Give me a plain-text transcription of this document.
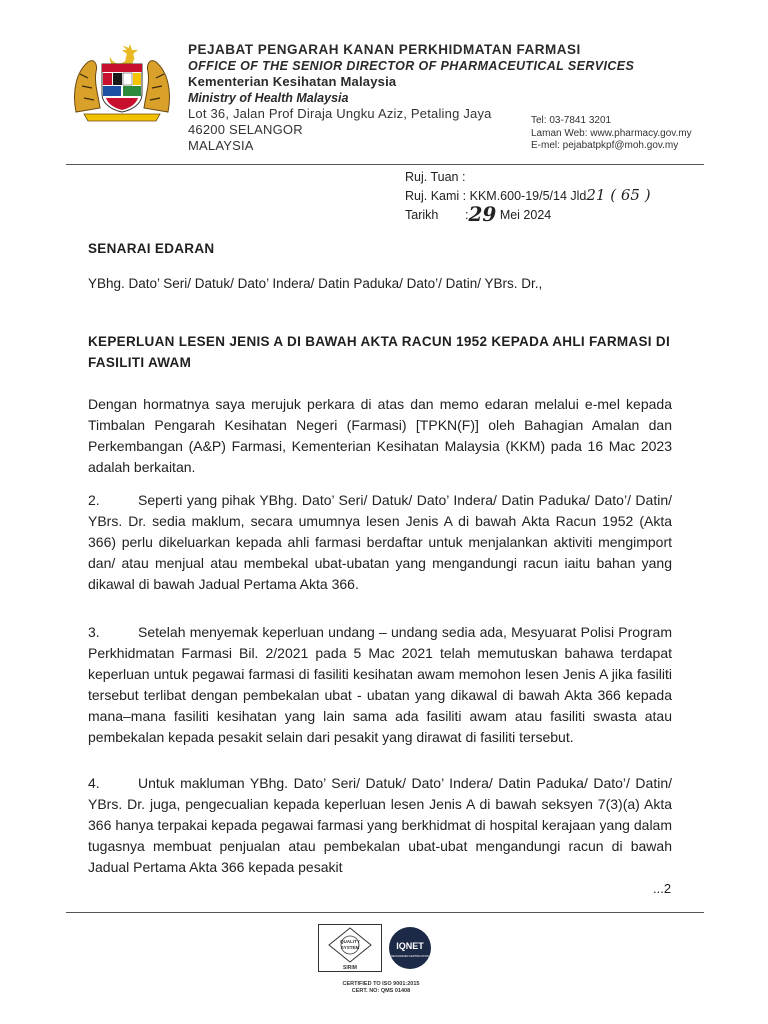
PEJABAT PENGARAH KANAN PERKHIDMATAN FARMASI
OFFICE OF THE SENIOR DIRECTOR OF PHARMACEUTICAL SERVICES
Kementerian Kesihatan Malaysia
Ministry of Health Malaysia
Lot 36, Jalan Prof Diraja Ungku Aziz, Petaling Jaya
46200 SELANGOR
MALAYSIA
Tel: 03-7841 3201
Laman Web: www.pharmacy.gov.my
E-mel: pejabatpkpf@moh.gov.my
Ruj. Tuan :
Ruj. Kami : KKM.600-19/5/14 Jld21 ( 65 )
Tarikh :29 Mei 2024
SENARAI EDARAN
YBhg. Dato’ Seri/ Datuk/ Dato’ Indera/ Datin Paduka/ Dato’/ Datin/ YBrs. Dr.,
KEPERLUAN LESEN JENIS A DI BAWAH AKTA RACUN 1952 KEPADA AHLI FARMASI DI FASILITI AWAM
Dengan hormatnya saya merujuk perkara di atas dan memo edaran melalui e-mel kepada Timbalan Pengarah Kesihatan Negeri (Farmasi) [TPKN(F)] oleh Bahagian Amalan dan Perkembangan (A&P) Farmasi, Kementerian Kesihatan Malaysia (KKM) pada 16 Mac 2023 adalah berkaitan.
2.	Seperti yang pihak YBhg. Dato’ Seri/ Datuk/ Dato’ Indera/ Datin Paduka/ Dato’/ Datin/ YBrs. Dr. sedia maklum, secara umumnya lesen Jenis A di bawah Akta Racun 1952 (Akta 366) perlu dikeluarkan kepada ahli farmasi berdaftar untuk menjalankan aktiviti mengimport dan/ atau menjual atau membekal ubat-ubatan yang mengandungi racun iaitu bahan yang dikawal di bawah Jadual Pertama Akta 366.
3.	Setelah menyemak keperluan undang – undang sedia ada, Mesyuarat Polisi Program Perkhidmatan Farmasi Bil. 2/2021 pada 5 Mac 2021 telah memutuskan bahawa terdapat keperluan untuk pegawai farmasi di fasiliti kesihatan awam memohon lesen Jenis A jika fasiliti tersebut terlibat dengan pembekalan ubat - ubatan yang dikawal di bawah Akta 366 kepada mana–mana fasiliti kesihatan yang lain sama ada fasiliti awam atau fasiliti swasta atau pembekalan kepada pesakit selain dari pesakit yang dirawat di fasiliti tersebut.
4.	Untuk makluman YBhg. Dato’ Seri/ Datuk/ Dato’ Indera/ Datin Paduka/ Dato’/ Datin/ YBrs. Dr. juga, pengecualian kepada keperluan lesen Jenis A di bawah seksyen 7(3)(a) Akta 366 hanya terpakai kepada pegawai farmasi yang berkhidmat di hospital kerajaan yang dalam tugasnya membuat penjualan atau pembekalan ubat-ubat mengandungi racun di bawah Jadual Pertama Akta 366 kepada pesakit
...2
QUALITY
SYSTEM
SIRIM
IQNET
RECOGNIZED CERTIFICATION
CERTIFIED TO ISO 9001:2015
CERT. NO: QMS 01408
